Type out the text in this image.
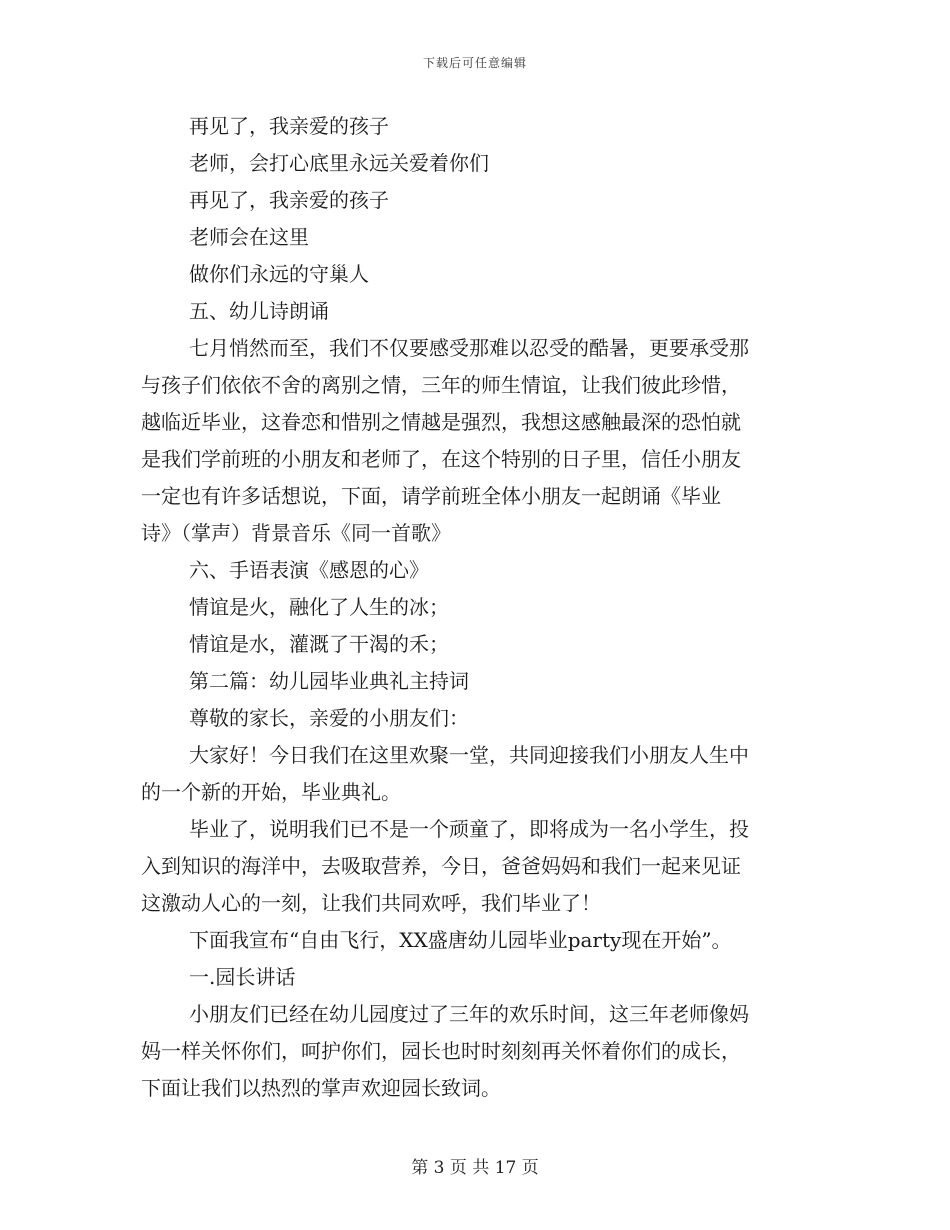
下载后可任意编辑
再见了，我亲爱的孩子
老师，会打心底里永远关爱着你们
再见了，我亲爱的孩子
老师会在这里
做你们永远的守巢人
五、幼儿诗朗诵
七月悄然而至，我们不仅要感受那难以忍受的酷暑，更要承受那
与孩子们依依不舍的离别之情，三年的师生情谊，让我们彼此珍惜，
越临近毕业，这眷恋和惜别之情越是强烈，我想这感触最深的恐怕就
是我们学前班的小朋友和老师了，在这个特别的日子里，信任小朋友
一定也有许多话想说，下面，请学前班全体小朋友一起朗诵《毕业
诗》（掌声）背景音乐《同一首歌》
六、手语表演《感恩的心》
情谊是火，融化了人生的冰；
情谊是水，灌溉了干渴的禾；
第二篇：幼儿园毕业典礼主持词
尊敬的家长，亲爱的小朋友们：
大家好！今日我们在这里欢聚一堂，共同迎接我们小朋友人生中
的一个新的开始，毕业典礼。
毕业了，说明我们已不是一个顽童了，即将成为一名小学生，投
入到知识的海洋中，去吸取营养，今日，爸爸妈妈和我们一起来见证
这激动人心的一刻，让我们共同欢呼，我们毕业了！
下面我宣布“自由飞行，XX盛唐幼儿园毕业party现在开始”。
一.园长讲话
小朋友们已经在幼儿园度过了三年的欢乐时间，这三年老师像妈
妈一样关怀你们，呵护你们，园长也时时刻刻再关怀着你们的成长，
下面让我们以热烈的掌声欢迎园长致词。
第 3 页 共 17 页
